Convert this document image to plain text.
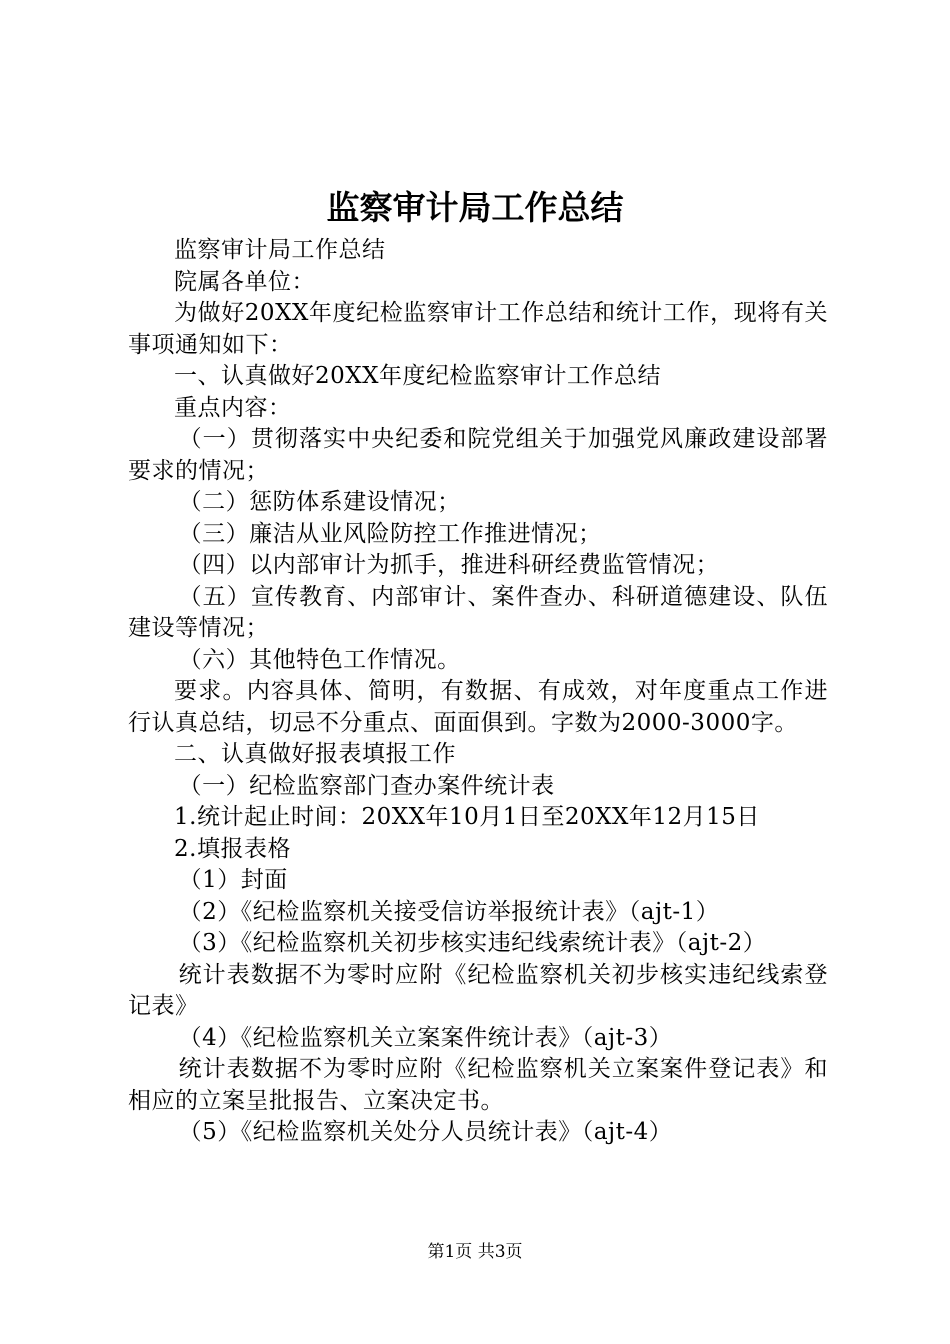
监察审计局工作总结

监察审计局工作总结

院属各单位：

为做好20XX年度纪检监察审计工作总结和统计工作，现将有关事项通知如下：

一、认真做好20XX年度纪检监察审计工作总结

重点内容：

（一）贯彻落实中央纪委和院党组关于加强党风廉政建设部署要求的情况；

（二）惩防体系建设情况；

（三）廉洁从业风险防控工作推进情况；

（四）以内部审计为抓手，推进科研经费监管情况；

（五）宣传教育、内部审计、案件查办、科研道德建设、队伍建设等情况；

（六）其他特色工作情况。

要求。内容具体、简明，有数据、有成效，对年度重点工作进行认真总结，切忌不分重点、面面俱到。字数为2000-3000字。

二、认真做好报表填报工作

（一）纪检监察部门查办案件统计表

1.统计起止时间：20XX年10月1日至20XX年12月15日

2.填报表格

（1）封面

（2）《纪检监察机关接受信访举报统计表》（ajt-1）

（3）《纪检监察机关初步核实违纪线索统计表》（ajt-2）

统计表数据不为零时应附《纪检监察机关初步核实违纪线索登记表》

（4）《纪检监察机关立案案件统计表》（ajt-3）

统计表数据不为零时应附《纪检监察机关立案案件登记表》和相应的立案呈批报告、立案决定书。

（5）《纪检监察机关处分人员统计表》（ajt-4）

第1页 共3页
